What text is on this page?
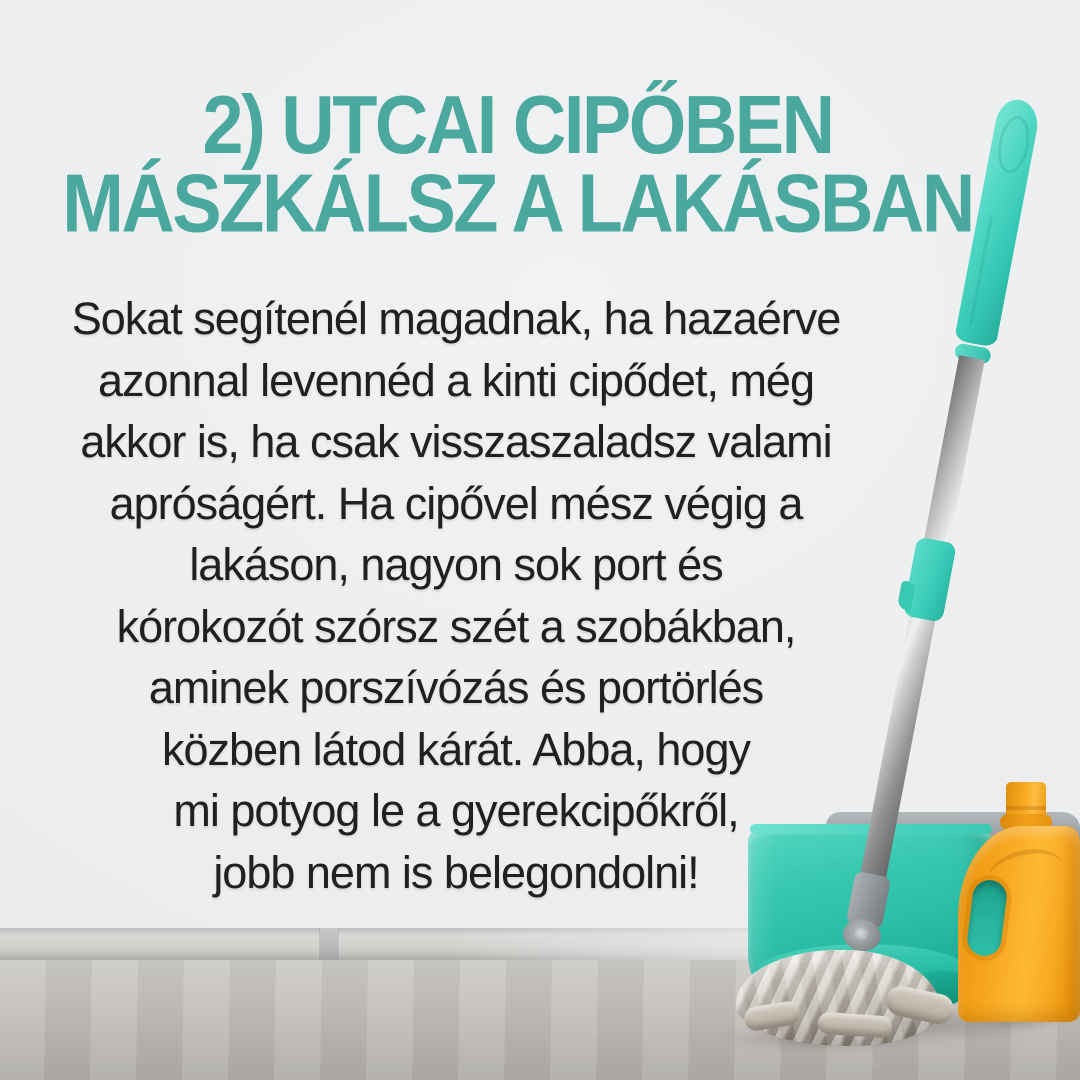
2) UTCAI CIPŐBEN
MÁSZKÁLSZ A LAKÁSBAN
Sokat segítenél magadnak, ha hazaérve
azonnal levennéd a kinti cipődet, még
akkor is, ha csak visszaszaladsz valami
apróságért. Ha cipővel mész végig a
lakáson, nagyon sok port és
kórokozót szórsz szét a szobákban,
aminek porszívózás és portörlés
közben látod kárát. Abba, hogy
mi potyog le a gyerekcipőkről,
jobb nem is belegondolni!
